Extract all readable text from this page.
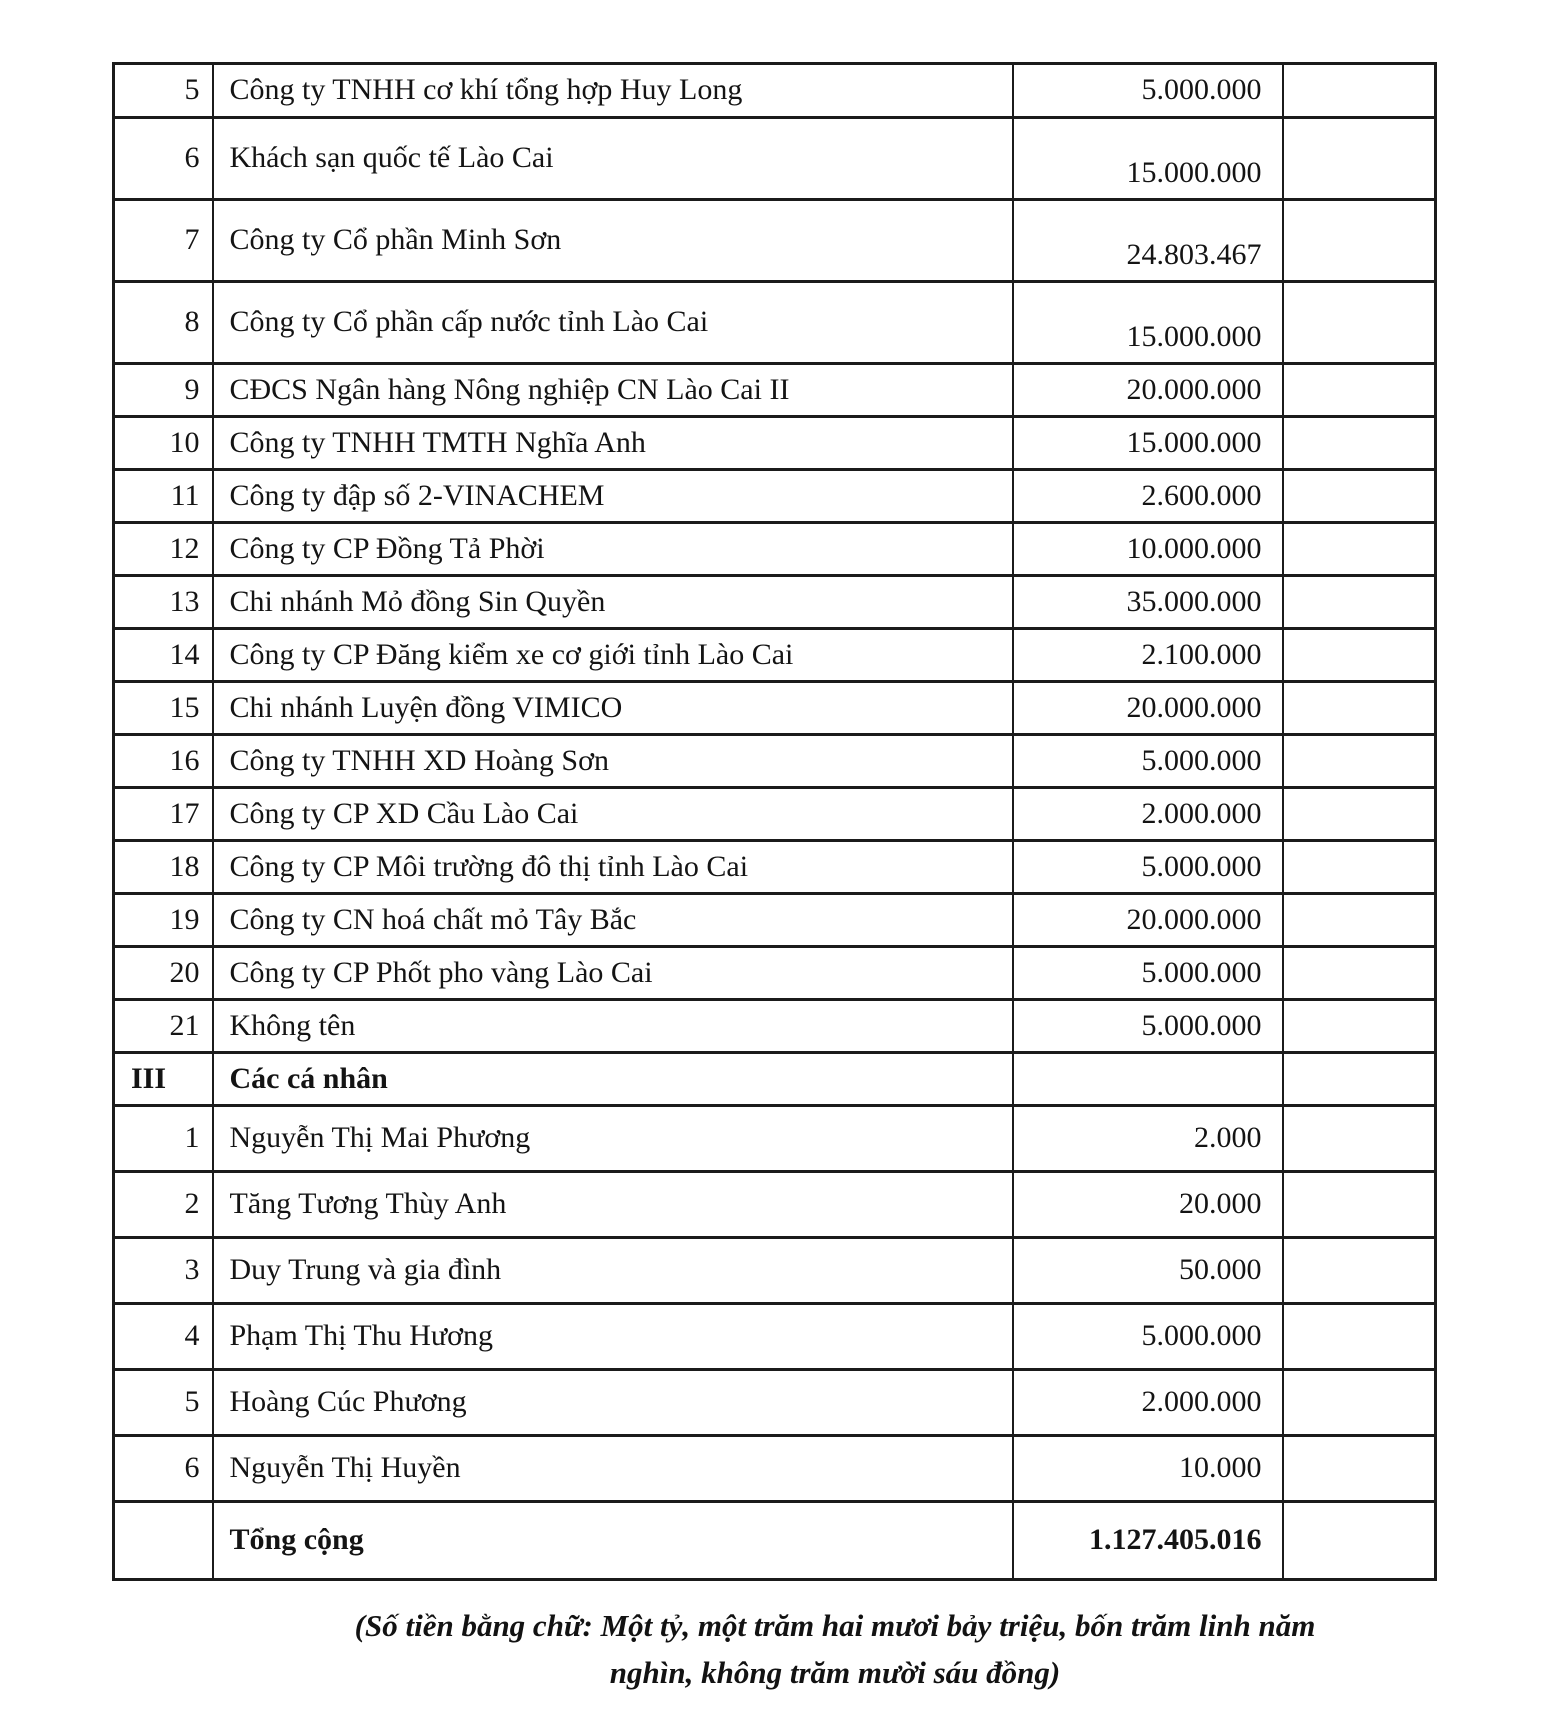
5	Công ty TNHH cơ khí tổng hợp Huy Long	5.000.000	
6	Khách sạn quốc tế Lào Cai	15.000.000	
7	Công ty Cổ phần Minh Sơn	24.803.467	
8	Công ty Cổ phần cấp nước tỉnh Lào Cai	15.000.000	
9	CĐCS Ngân hàng Nông nghiệp CN Lào Cai II	20.000.000	
10	Công ty TNHH TMTH Nghĩa Anh	15.000.000	
11	Công ty đập số 2-VINACHEM	2.600.000	
12	Công ty CP Đồng Tả Phời	10.000.000	
13	Chi nhánh Mỏ đồng Sin Quyền	35.000.000	
14	Công ty CP Đăng kiểm xe cơ giới tỉnh Lào Cai	2.100.000	
15	Chi nhánh Luyện đồng VIMICO	20.000.000	
16	Công ty TNHH XD Hoàng Sơn	5.000.000	
17	Công ty CP XD Cầu Lào Cai	2.000.000	
18	Công ty CP Môi trường đô thị tỉnh Lào Cai	5.000.000	
19	Công ty CN hoá chất mỏ Tây Bắc	20.000.000	
20	Công ty CP Phốt pho vàng Lào Cai	5.000.000	
21	Không tên	5.000.000	
III	Các cá nhân		
1	Nguyễn Thị Mai Phương	2.000	
2	Tăng Tương Thùy Anh	20.000	
3	Duy Trung và gia đình	50.000	
4	Phạm Thị Thu Hương	5.000.000	
5	Hoàng Cúc Phương	2.000.000	
6	Nguyễn Thị Huyền	10.000	
	Tổng cộng	1.127.405.016	
(Số tiền bằng chữ: Một tỷ, một trăm hai mươi bảy triệu, bốn trăm linh năm
nghìn, không trăm mười sáu đồng)
